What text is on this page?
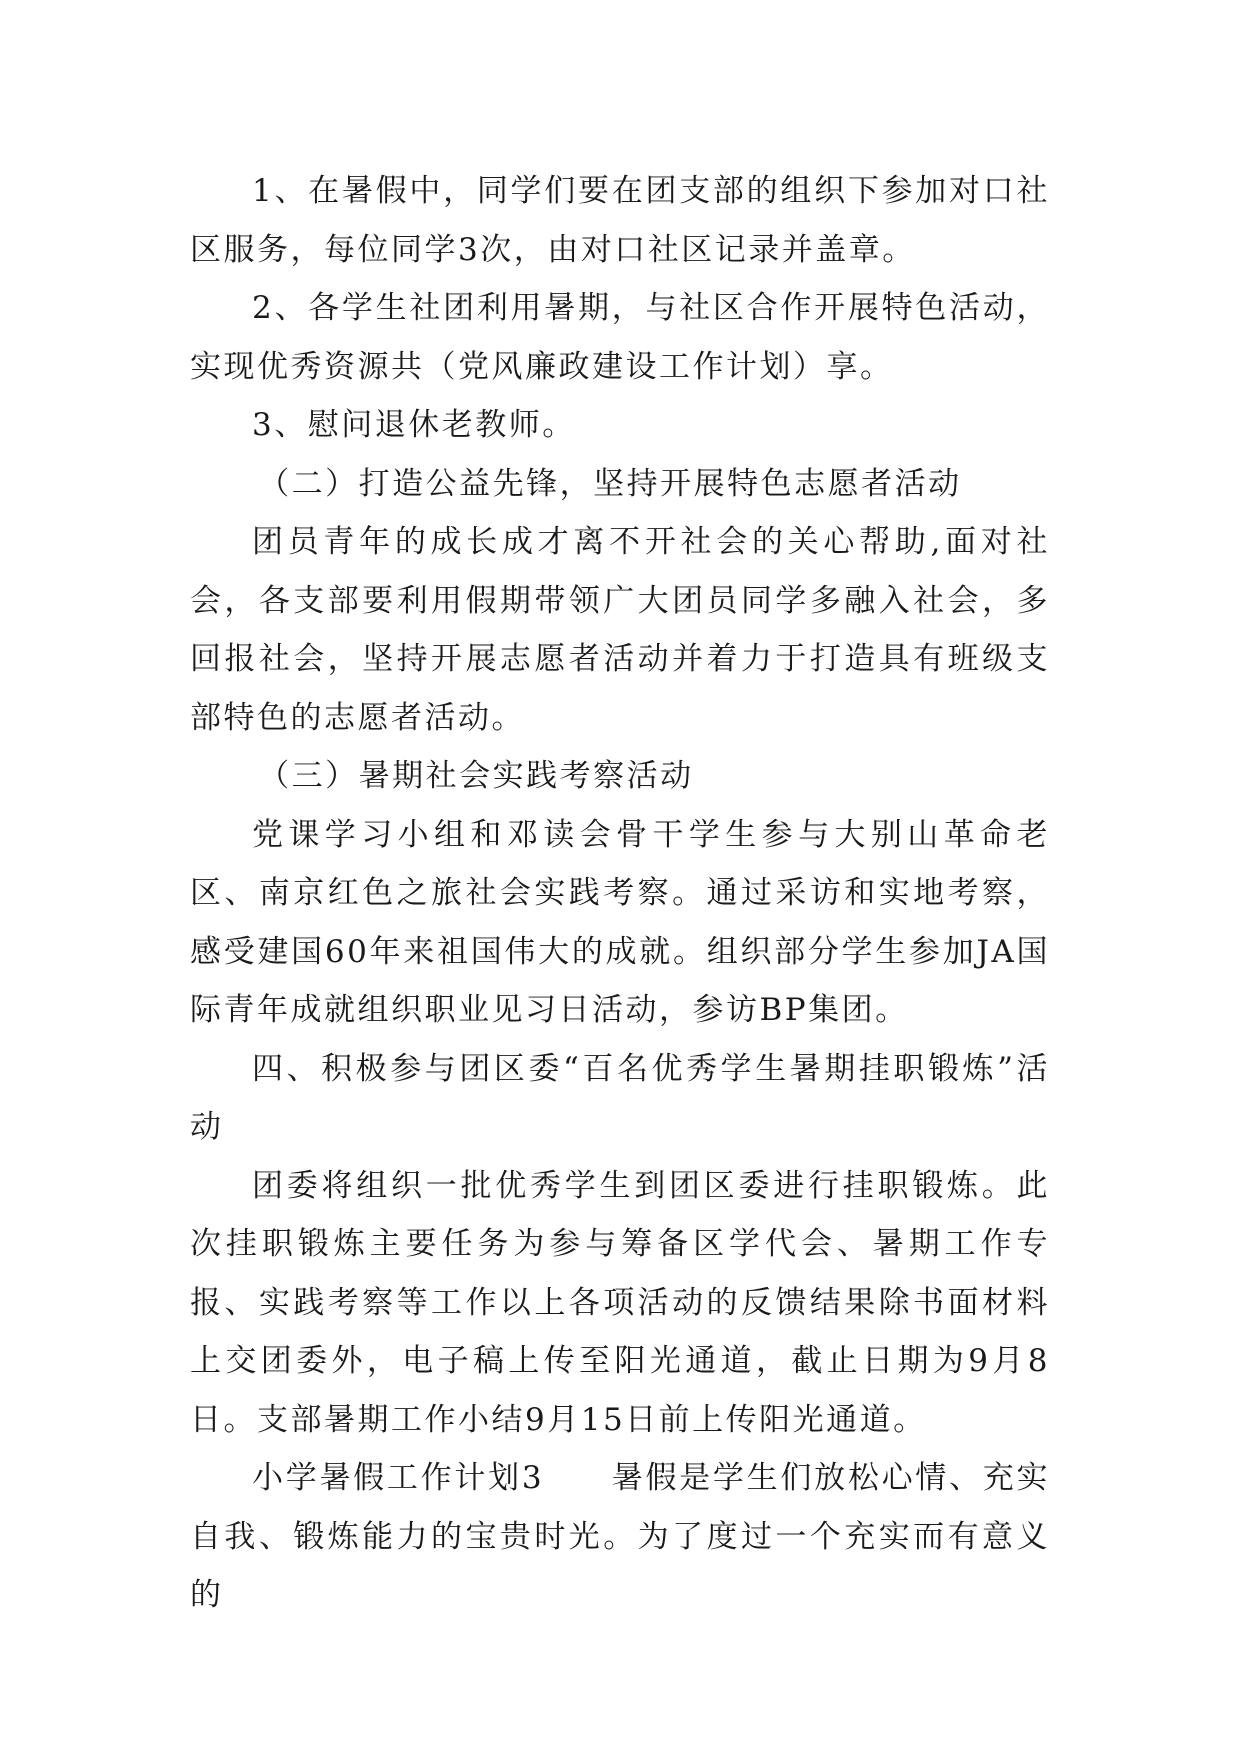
1、在暑假中，同学们要在团支部的组织下参加对口社区服务，每位同学3次，由对口社区记录并盖章。

2、各学生社团利用暑期，与社区合作开展特色活动，实现优秀资源共（党风廉政建设工作计划）享。

3、慰问退休老教师。

（二）打造公益先锋，坚持开展特色志愿者活动

团员青年的成长成才离不开社会的关心帮助,面对社会，各支部要利用假期带领广大团员同学多融入社会，多回报社会，坚持开展志愿者活动并着力于打造具有班级支部特色的志愿者活动。

（三）暑期社会实践考察活动

党课学习小组和邓读会骨干学生参与大别山革命老区、南京红色之旅社会实践考察。通过采访和实地考察，感受建国60年来祖国伟大的成就。组织部分学生参加JA国际青年成就组织职业见习日活动，参访BP集团。

四、积极参与团区委“百名优秀学生暑期挂职锻炼”活动

团委将组织一批优秀学生到团区委进行挂职锻炼。此次挂职锻炼主要任务为参与筹备区学代会、暑期工作专报、实践考察等工作以上各项活动的反馈结果除书面材料上交团委外，电子稿上传至阳光通道，截止日期为9月8日。支部暑期工作小结9月15日前上传阳光通道。

小学暑假工作计划3　　暑假是学生们放松心情、充实自我、锻炼能力的宝贵时光。为了度过一个充实而有意义的
